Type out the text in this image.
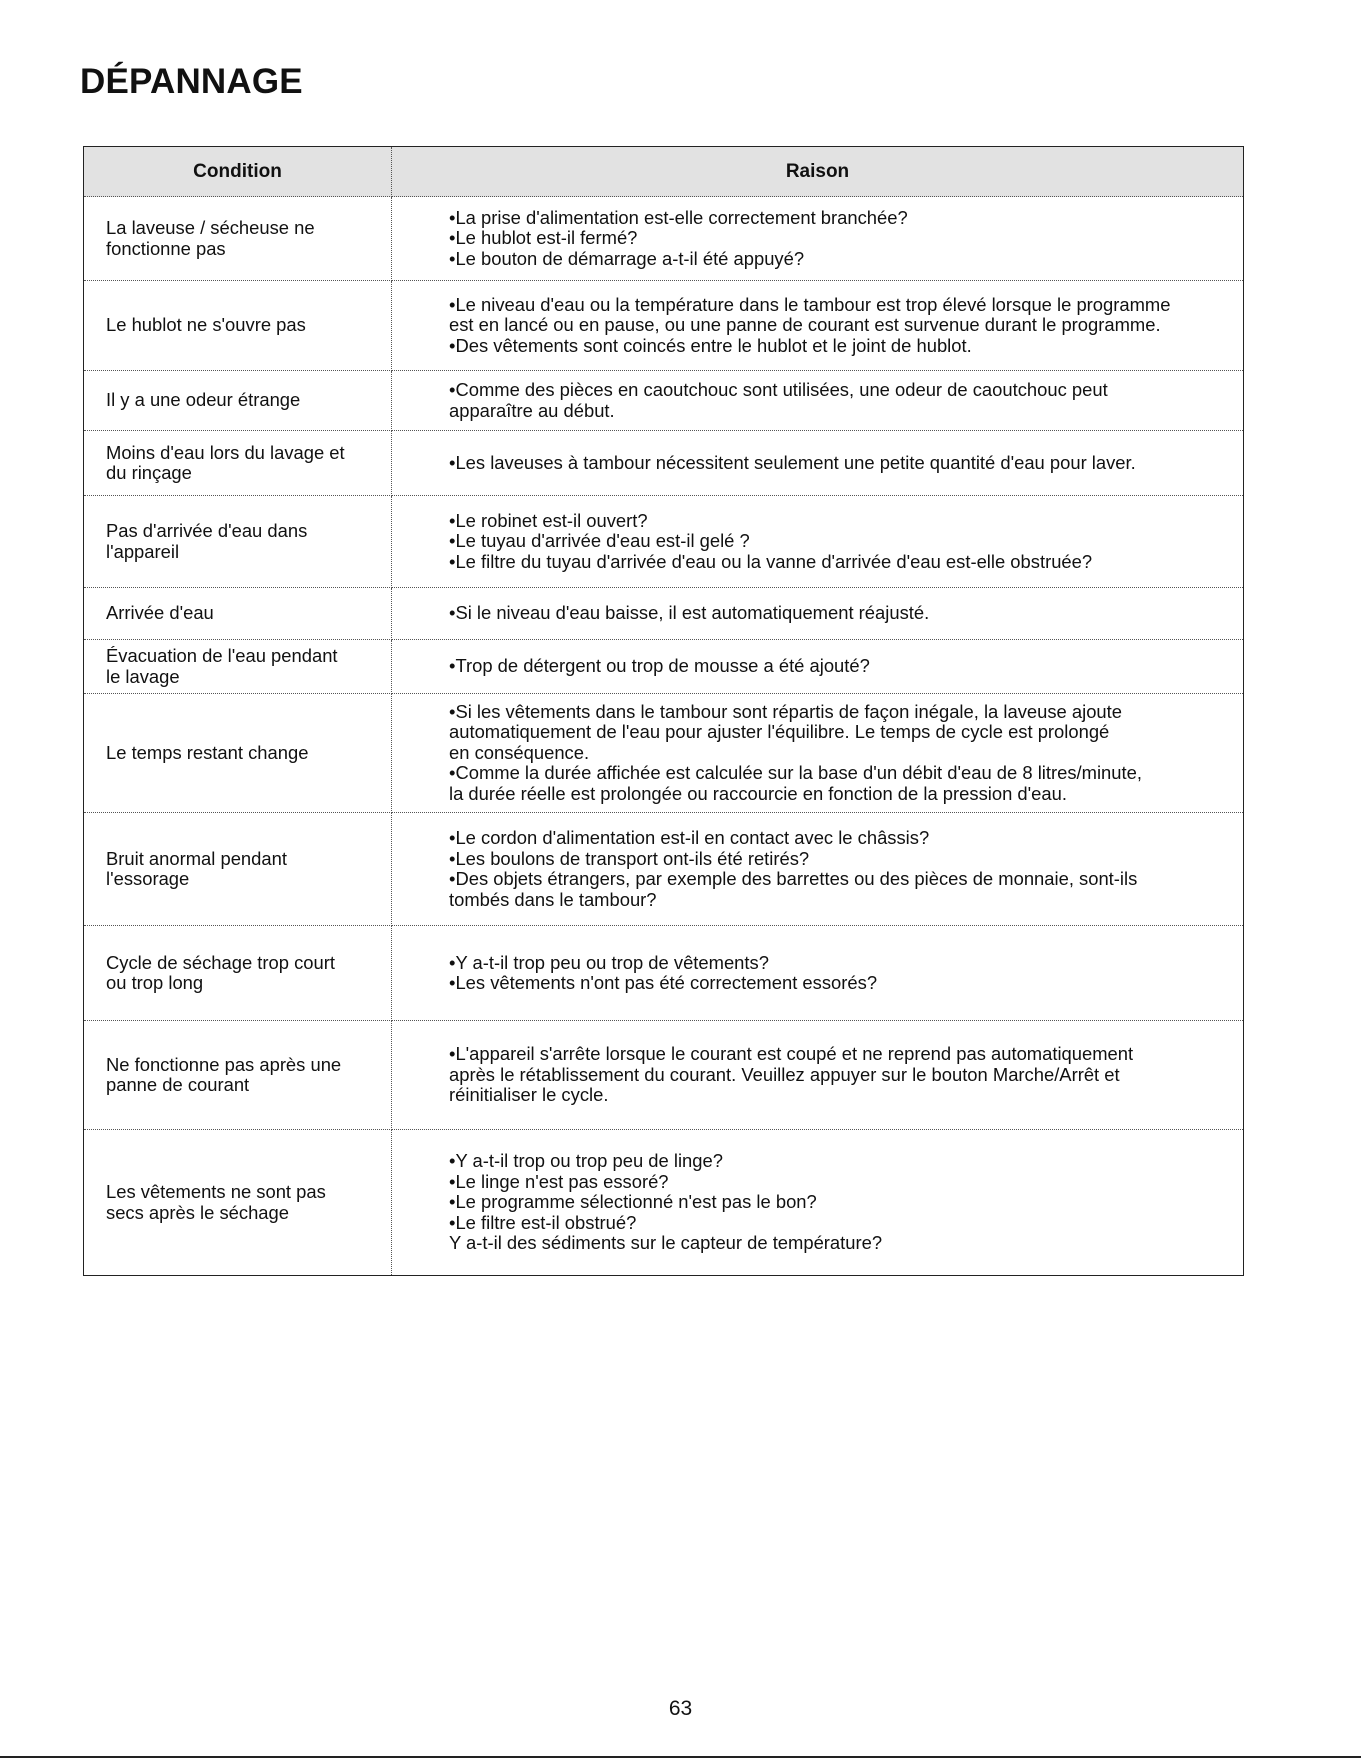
DÉPANNAGE
Condition	Raison

La laveuse / sécheuse ne
fonctionne pas	•La prise d'alimentation est-elle correctement branchée?
•Le hublot est-il fermé?
•Le bouton de démarrage a-t-il été appuyé?

Le hublot ne s'ouvre pas	•Le niveau d'eau ou la température dans le tambour est trop élevé lorsque le programme
est en lancé ou en pause, ou une panne de courant est survenue durant le programme.
•Des vêtements sont coincés entre le hublot et le joint de hublot.

Il y a une odeur étrange	•Comme des pièces en caoutchouc sont utilisées, une odeur de caoutchouc peut
apparaître au début.

Moins d'eau lors du lavage et
du rinçage	•Les laveuses à tambour nécessitent seulement une petite quantité d'eau pour laver.

Pas d'arrivée d'eau dans
l'appareil	•Le robinet est-il ouvert?
•Le tuyau d'arrivée d'eau est-il gelé ?
•Le filtre du tuyau d'arrivée d'eau ou la vanne d'arrivée d'eau est-elle obstruée?

Arrivée d'eau	•Si le niveau d'eau baisse, il est automatiquement réajusté.

Évacuation de l'eau pendant
le lavage	•Trop de détergent ou trop de mousse a été ajouté?

Le temps restant change	•Si les vêtements dans le tambour sont répartis de façon inégale, la laveuse ajoute
automatiquement de l'eau pour ajuster l'équilibre. Le temps de cycle est prolongé
en conséquence.
•Comme la durée affichée est calculée sur la base d'un débit d'eau de 8 litres/minute,
la durée réelle est prolongée ou raccourcie en fonction de la pression d'eau.

Bruit anormal pendant
l'essorage	•Le cordon d'alimentation est-il en contact avec le châssis?
•Les boulons de transport ont-ils été retirés?
•Des objets étrangers, par exemple des barrettes ou des pièces de monnaie, sont-ils
tombés dans le tambour?

Cycle de séchage trop court
ou trop long	•Y a-t-il trop peu ou trop de vêtements?
•Les vêtements n'ont pas été correctement essorés?

Ne fonctionne pas après une
panne de courant	•L'appareil s'arrête lorsque le courant est coupé et ne reprend pas automatiquement
après le rétablissement du courant. Veuillez appuyer sur le bouton Marche/Arrêt et
réinitialiser le cycle.

Les vêtements ne sont pas
secs après le séchage	•Y a-t-il trop ou trop peu de linge?
•Le linge n'est pas essoré?
•Le programme sélectionné n'est pas le bon?
•Le filtre est-il obstrué?
Y a-t-il des sédiments sur le capteur de température?
63
